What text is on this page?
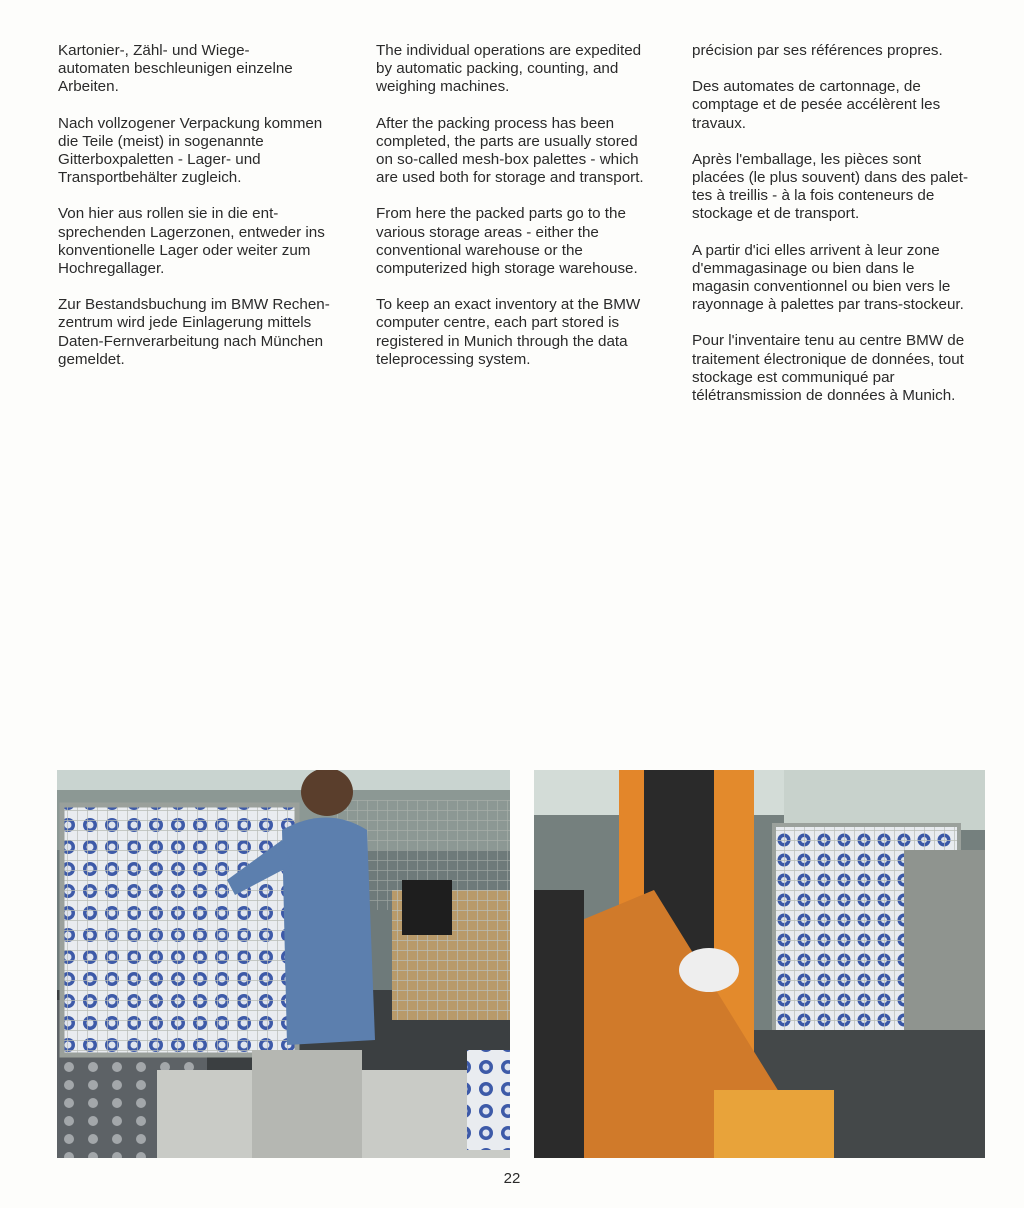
Kartonier-, Zähl- und Wiege-
automaten beschleunigen einzelne
Arbeiten.

Nach vollzogener Verpackung kommen
die Teile (meist) in sogenannte
Gitterboxpaletten - Lager- und
Transportbehälter zugleich.

Von hier aus rollen sie in die ent-
sprechenden Lagerzonen, entweder ins
konventionelle Lager oder weiter zum
Hochregallager.

Zur Bestandsbuchung im BMW Rechen-
zentrum wird jede Einlagerung mittels
Daten-Fernverarbeitung nach München
gemeldet.

The individual operations are expedited
by automatic packing, counting, and
weighing machines.

After the packing process has been
completed, the parts are usually stored
on so-called mesh-box palettes - which
are used both for storage and transport.

From here the packed parts go to the
various storage areas - either the
conventional warehouse or the
computerized high storage warehouse.

To keep an exact inventory at the BMW
computer centre, each part stored is
registered in Munich through the data
teleprocessing system.

précision par ses références propres.

Des automates de cartonnage, de
comptage et de pesée accélèrent les
travaux.

Après l'emballage, les pièces sont
placées (le plus souvent) dans des palet-
tes à treillis - à la fois conteneurs de
stockage et de transport.

A partir d'ici elles arrivent à leur zone
d'emmagasinage ou bien dans le
magasin conventionnel ou bien vers le
rayonnage à palettes par trans-stockeur.

Pour l'inventaire tenu au centre BMW de
traitement électronique de données, tout
stockage est communiqué par
télétransmission de données à Munich.

22
